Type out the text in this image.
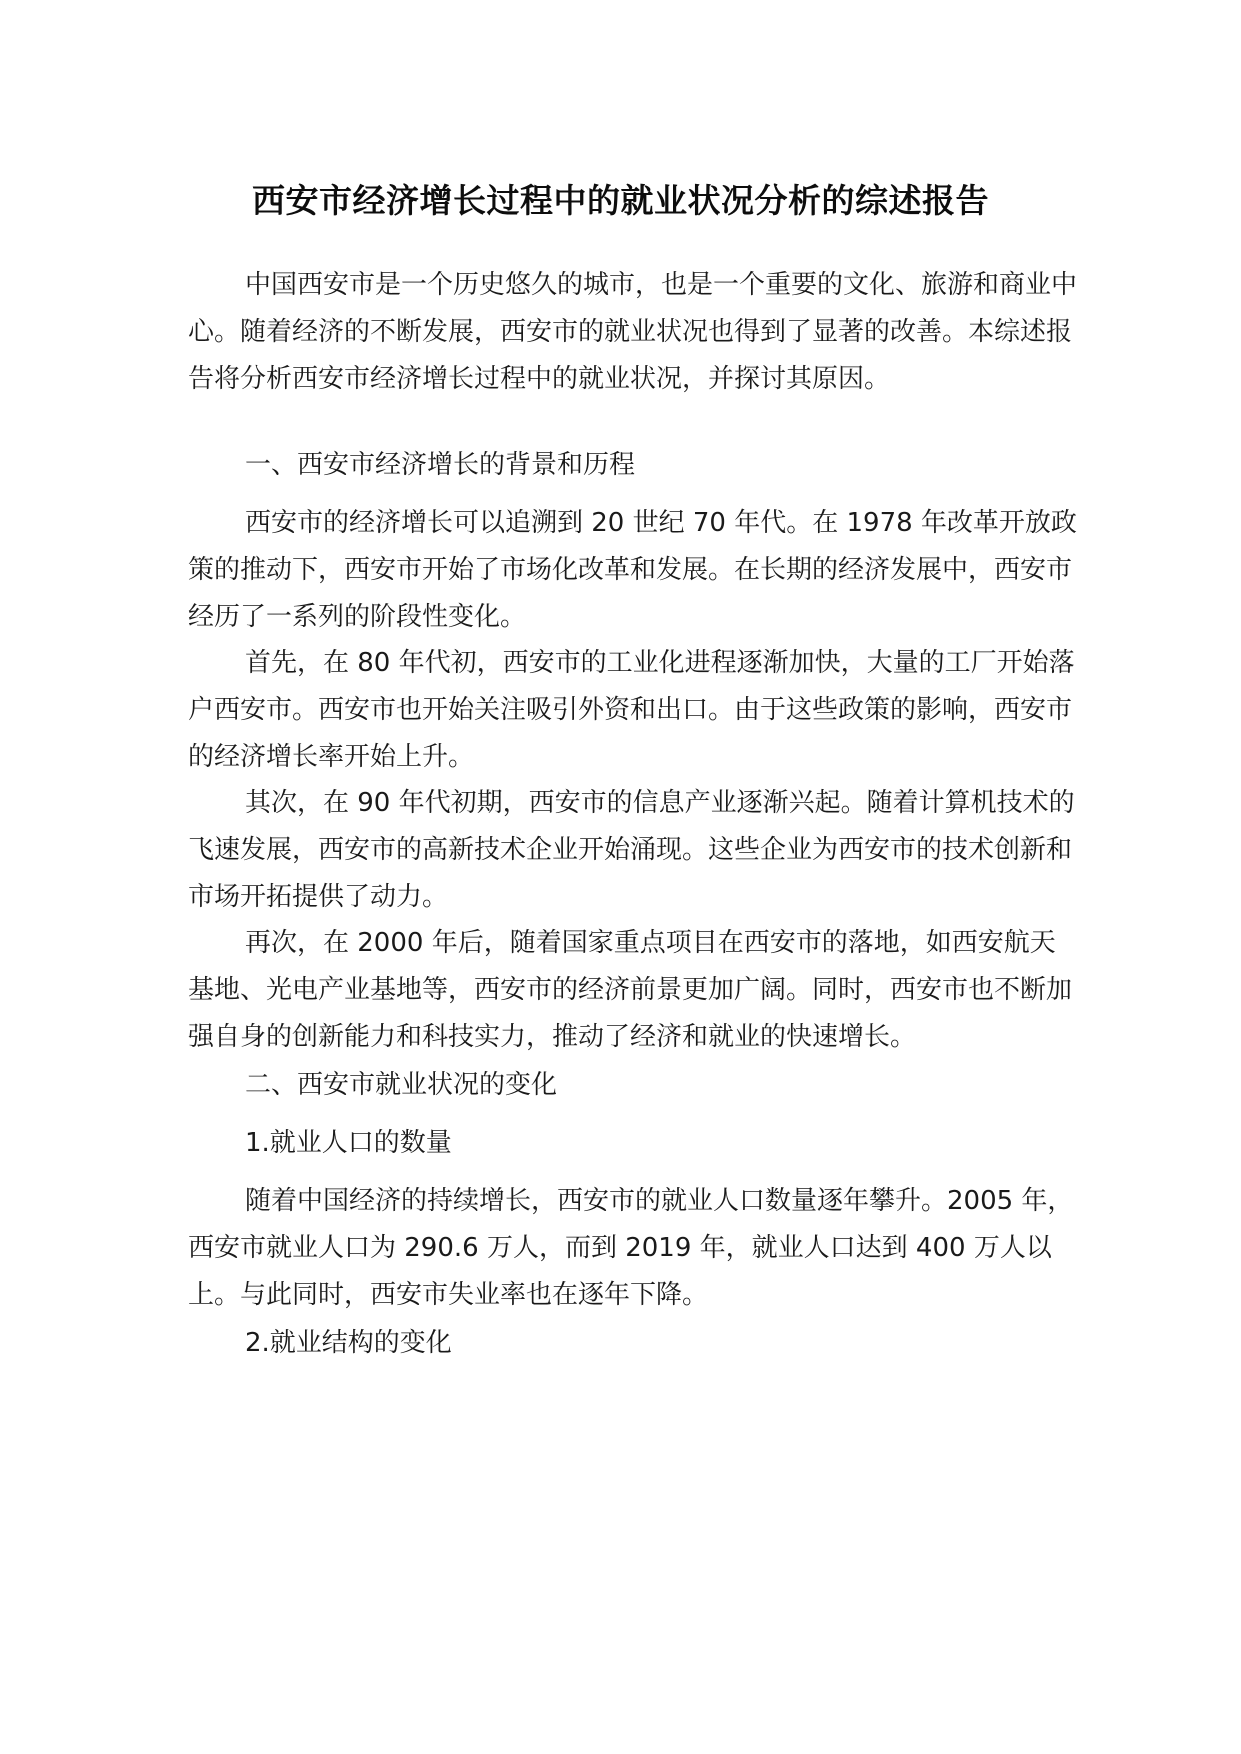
西安市经济增长过程中的就业状况分析的综述报告

中国西安市是一个历史悠久的城市，也是一个重要的文化、旅游和商业中心。随着经济的不断发展，西安市的就业状况也得到了显著的改善。本综述报告将分析西安市经济增长过程中的就业状况，并探讨其原因。

一、西安市经济增长的背景和历程

西安市的经济增长可以追溯到 20 世纪 70 年代。在 1978 年改革开放政策的推动下，西安市开始了市场化改革和发展。在长期的经济发展中，西安市经历了一系列的阶段性变化。

首先，在 80 年代初，西安市的工业化进程逐渐加快，大量的工厂开始落户西安市。西安市也开始关注吸引外资和出口。由于这些政策的影响，西安市的经济增长率开始上升。

其次，在 90 年代初期，西安市的信息产业逐渐兴起。随着计算机技术的飞速发展，西安市的高新技术企业开始涌现。这些企业为西安市的技术创新和市场开拓提供了动力。

再次，在 2000 年后，随着国家重点项目在西安市的落地，如西安航天基地、光电产业基地等，西安市的经济前景更加广阔。同时，西安市也不断加强自身的创新能力和科技实力，推动了经济和就业的快速增长。

二、西安市就业状况的变化

1.就业人口的数量

随着中国经济的持续增长，西安市的就业人口数量逐年攀升。2005 年，西安市就业人口为 290.6 万人，而到 2019 年，就业人口达到 400 万人以上。与此同时，西安市失业率也在逐年下降。

2.就业结构的变化
